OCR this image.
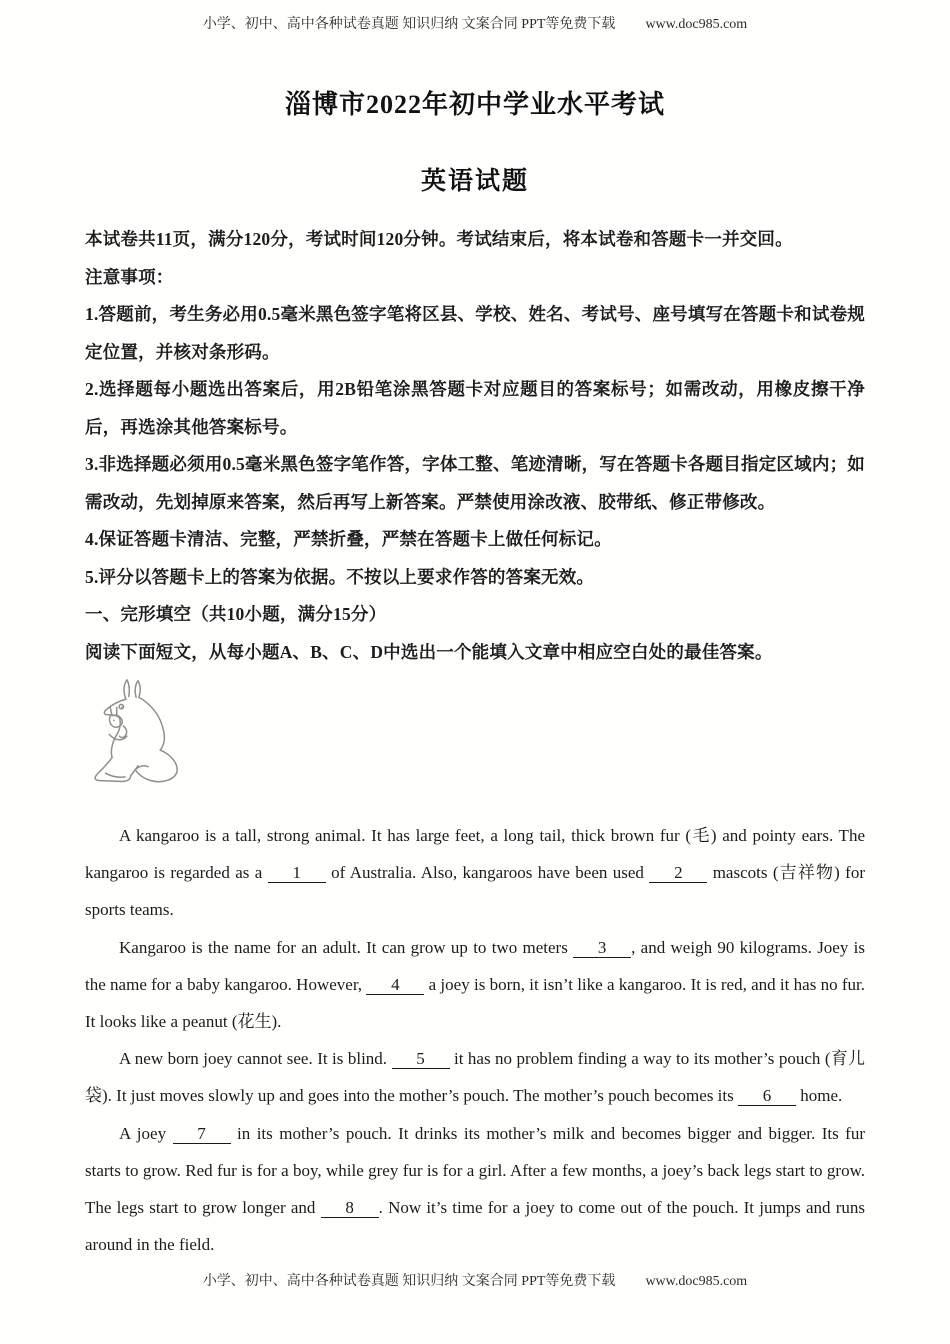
小学、初中、高中各种试卷真题 知识归纳 文案合同 PPT等免费下载 www.doc985.com
淄博市2022年初中学业水平考试
英语试题

本试卷共11页，满分120分，考试时间120分钟。考试结束后，将本试卷和答题卡一并交回。

注意事项：

1.答题前，考生务必用0.5毫米黑色签字笔将区县、学校、姓名、考试号、座号填写在答题卡和试卷规定位置，并核对条形码。

2.选择题每小题选出答案后，用2B铅笔涂黑答题卡对应题目的答案标号；如需改动，用橡皮擦干净后，再选涂其他答案标号。

3.非选择题必须用0.5毫米黑色签字笔作答，字体工整、笔迹清晰，写在答题卡各题目指定区域内；如需改动，先划掉原来答案，然后再写上新答案。严禁使用涂改液、胶带纸、修正带修改。

4.保证答题卡清洁、完整，严禁折叠，严禁在答题卡上做任何标记。

5.评分以答题卡上的答案为依据。不按以上要求作答的答案无效。

一、完形填空（共10小题，满分15分）

阅读下面短文，从每小题A、B、C、D中选出一个能填入文章中相应空白处的最佳答案。

A kangaroo is a tall, strong animal. It has large feet, a long tail, thick brown fur (毛) and pointy ears. The kangaroo is regarded as a 1 of Australia. Also, kangaroos have been used 2 mascots (吉祥物) for sports teams.

Kangaroo is the name for an adult. It can grow up to two meters 3 , and weigh 90 kilograms. Joey is the name for a baby kangaroo. However, 4 a joey is born, it isn’t like a kangaroo. It is red, and it has no fur. It looks like a peanut (花生).

A new born joey cannot see. It is blind. 5 it has no problem finding a way to its mother’s pouch (育儿袋). It just moves slowly up and goes into the mother’s pouch. The mother’s pouch becomes its 6 home.

A joey 7 in its mother’s pouch. It drinks its mother’s milk and becomes bigger and bigger. Its fur starts to grow. Red fur is for a boy, while grey fur is for a girl. After a few months, a joey’s back legs start to grow. The legs start to grow longer and 8 . Now it’s time for a joey to come out of the pouch. It jumps and runs around in the field.

小学、初中、高中各种试卷真题 知识归纳 文案合同 PPT等免费下载 www.doc985.com
